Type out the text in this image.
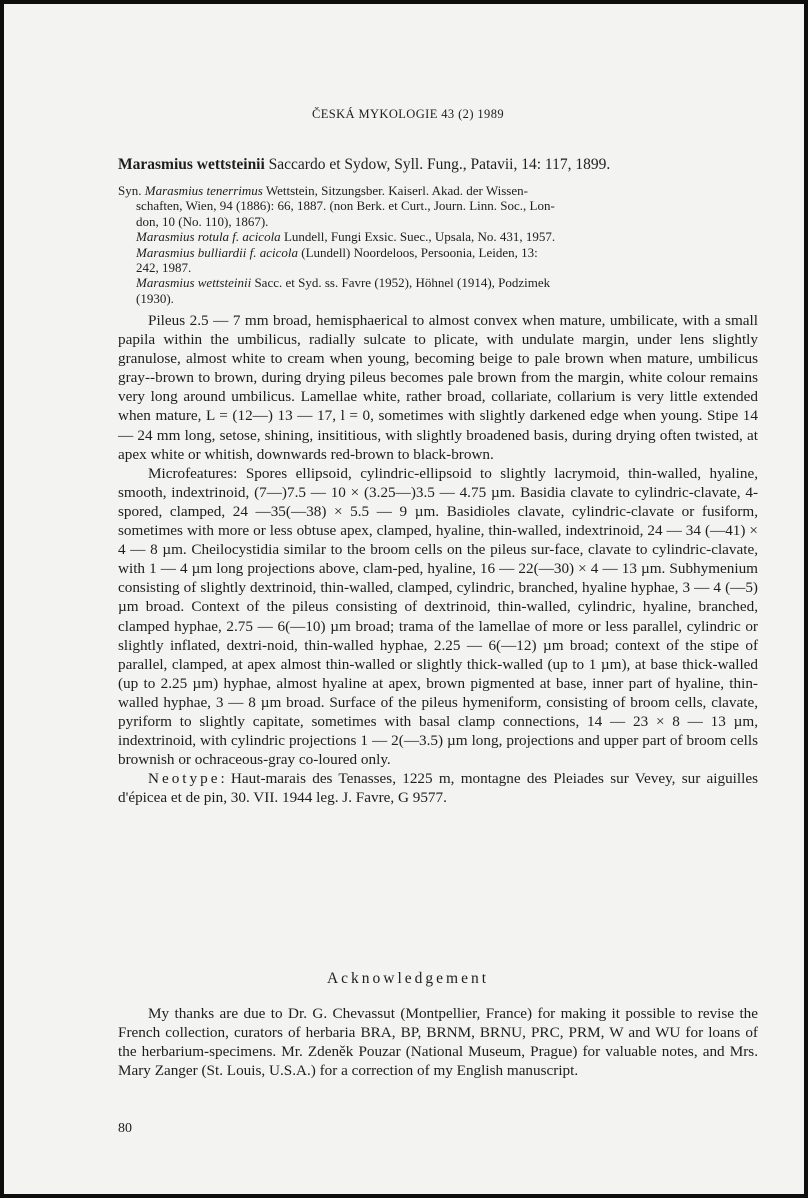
ČESKÁ MYKOLOGIE 43 (2) 1989
Marasmius wettsteinii Saccardo et Sydow, Syll. Fung., Patavii, 14: 117, 1899.

Syn. Marasmius tenerrimus Wettstein, Sitzungsber. Kaiserl. Akad. der Wissen-

schaften, Wien, 94 (1886): 66, 1887. (non Berk. et Curt., Journ. Linn. Soc., Lon-

don, 10 (No. 110), 1867).

Marasmius rotula f. acicola Lundell, Fungi Exsic. Suec., Upsala, No. 431, 1957.

Marasmius bulliardii f. acicola (Lundell) Noordeloos, Persoonia, Leiden, 13:

242, 1987.

Marasmius wettsteinii Sacc. et Syd. ss. Favre (1952), Höhnel (1914), Podzimek

(1930).

Pileus 2.5 — 7 mm broad, hemisphaerical to almost convex when mature, umbilicate, with a small papila within the umbilicus, radially sulcate to plicate, with undulate margin, under lens slightly granulose, almost white to cream when young, becoming beige to pale brown when mature, umbilicus gray--brown to brown, during drying pileus becomes pale brown from the margin, white colour remains very long around umbilicus. Lamellae white, rather broad, collariate, collarium is very little extended when mature, L = (12—) 13 — 17, l = 0, sometimes with slightly darkened edge when young. Stipe 14 — 24 mm long, setose, shining, insititious, with slightly broadened basis, during drying often twisted, at apex white or whitish, downwards red-brown to black-brown.

Microfeatures: Spores ellipsoid, cylindric-ellipsoid to slightly lacrymoid, thin-walled, hyaline, smooth, indextrinoid, (7—)7.5 — 10 × (3.25—)3.5 — 4.75 µm. Basidia clavate to cylindric-clavate, 4-spored, clamped, 24 —35(—38) × 5.5 — 9 µm. Basidioles clavate, cylindric-clavate or fusiform, sometimes with more or less obtuse apex, clamped, hyaline, thin-walled, indextrinoid, 24 — 34 (—41) × 4 — 8 µm. Cheilocystidia similar to the broom cells on the pileus sur-face, clavate to cylindric-clavate, with 1 — 4 µm long projections above, clam-ped, hyaline, 16 — 22(—30) × 4 — 13 µm. Subhymenium consisting of slightly dextrinoid, thin-walled, clamped, cylindric, branched, hyaline hyphae, 3 — 4 (—5) µm broad. Context of the pileus consisting of dextrinoid, thin-walled, cylindric, hyaline, branched, clamped hyphae, 2.75 — 6(—10) µm broad; trama of the lamellae of more or less parallel, cylindric or slightly inflated, dextri-noid, thin-walled hyphae, 2.25 — 6(—12) µm broad; context of the stipe of parallel, clamped, at apex almost thin-walled or slightly thick-walled (up to 1 µm), at base thick-walled (up to 2.25 µm) hyphae, almost hyaline at apex, brown pigmented at base, inner part of hyaline, thin-walled hyphae, 3 — 8 µm broad. Surface of the pileus hymeniform, consisting of broom cells, clavate, pyriform to slightly capitate, sometimes with basal clamp connections, 14 — 23 × 8 — 13 µm, indextrinoid, with cylindric projections 1 — 2(—3.5) µm long, projections and upper part of broom cells brownish or ochraceous-gray co-loured only.

Neotype: Haut-marais des Tenasses, 1225 m, montagne des Pleiades sur Vevey, sur aiguilles d'épicea et de pin, 30. VII. 1944 leg. J. Favre, G 9577.

Acknowledgement

My thanks are due to Dr. G. Chevassut (Montpellier, France) for making it possible to revise the French collection, curators of herbaria BRA, BP, BRNM, BRNU, PRC, PRM, W and WU for loans of the herbarium-specimens. Mr. Zdeněk Pouzar (National Museum, Prague) for valuable notes, and Mrs. Mary Zanger (St. Louis, U.S.A.) for a correction of my English manuscript.

80
